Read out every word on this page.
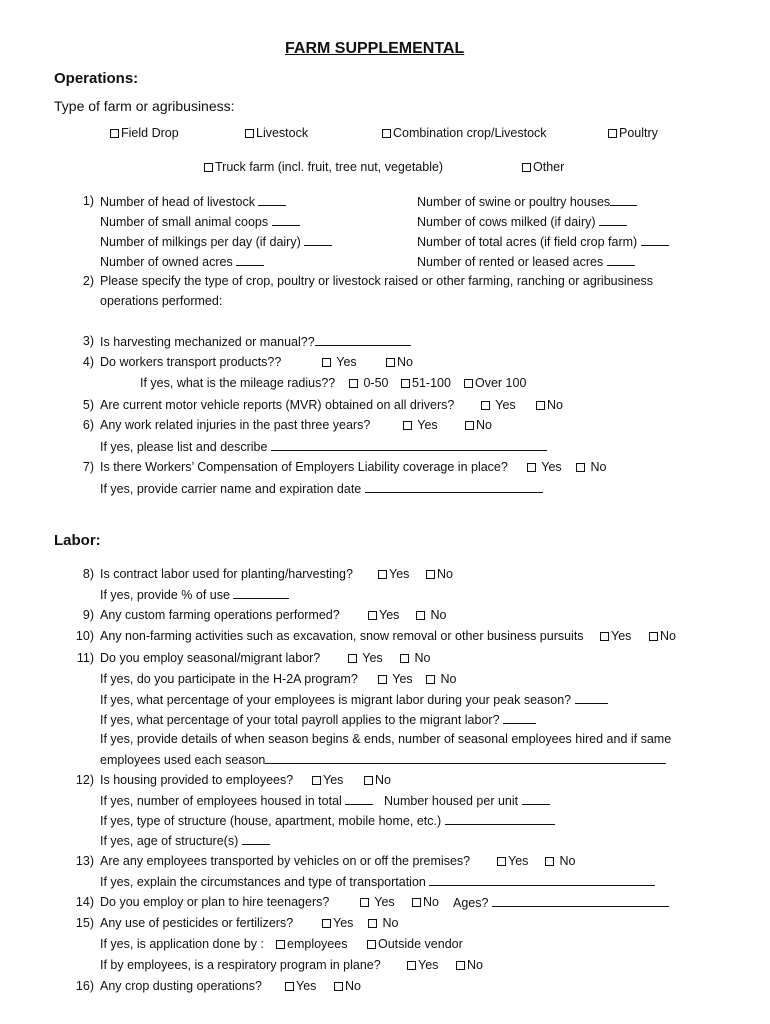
FARM SUPPLEMENTAL
Operations:
Type of farm or agribusiness:
Field Drop	Livestock	Combination crop/Livestock	Poultry
Truck farm (incl. fruit, tree nut, vegetable)	Other
1) Number of head of livestock	Number of swine or poultry houses
Number of small animal coops	Number of cows milked (if dairy)
Number of milkings per day (if dairy)	Number of total acres (if field crop farm)
Number of owned acres	Number of rented or leased acres
2) Please specify the type of crop, poultry or livestock raised or other farming, ranching or agribusiness
operations performed:
3) Is harvesting mechanized or manual??
4) Do workers transport products??	Yes	No
If yes, what is the mileage radius??	0-50	51-100	Over 100
5) Are current motor vehicle reports (MVR) obtained on all drivers?	Yes	No
6) Any work related injuries in the past three years?	Yes	No
If yes, please list and describe
7) Is there Workers’ Compensation of Employers Liability coverage in place?	Yes	No
If yes, provide carrier name and expiration date
Labor:
8) Is contract labor used for planting/harvesting?	Yes	No
If yes, provide % of use
9) Any custom farming operations performed?	Yes	No
10) Any non-farming activities such as excavation, snow removal or other business pursuits	Yes	No
11) Do you employ seasonal/migrant labor?	Yes	No
If yes, do you participate in the H-2A program?	Yes	No
If yes, what percentage of your employees is migrant labor during your peak season?
If yes, what percentage of your total payroll applies to the migrant labor?
If yes, provide details of when season begins & ends, number of seasonal employees hired and if same
employees used each season
12) Is housing provided to employees?	Yes	No
If yes, number of employees housed in total	Number housed per unit
If yes, type of structure (house, apartment, mobile home, etc.)
If yes, age of structure(s)
13) Are any employees transported by vehicles on or off the premises?	Yes	No
If yes, explain the circumstances and type of transportation
14) Do you employ or plan to hire teenagers?	Yes	No Ages?
15) Any use of pesticides or fertilizers?	Yes	No
If yes, is application done by :	employees	Outside vendor
If by employees, is a respiratory program in plane?	Yes	No
16) Any crop dusting operations?	Yes	No
